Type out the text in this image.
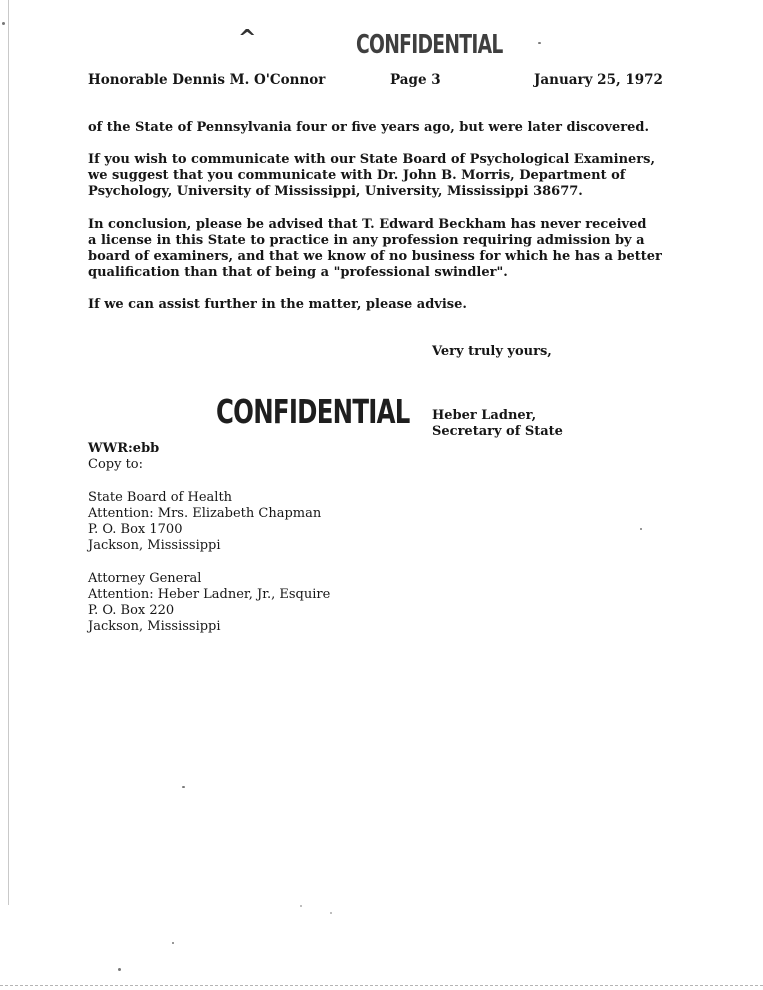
^	CONFIDENTIAL
Honorable Dennis M. O'Connor	Page 3	January 25, 1972
of the State of Pennsylvania four or five years ago, but were later discovered.
If you wish to communicate with our State Board of Psychological Examiners,
we suggest that you communicate with Dr. John B. Morris, Department of
Psychology, University of Mississippi, University, Mississippi 38677.
In conclusion, please be advised that T. Edward Beckham has never received
a license in this State to practice in any profession requiring admission by a
board of examiners, and that we know of no business for which he has a better
qualification than that of being a "professional swindler".
If we can assist further in the matter, please advise.
Very truly yours,
CONFIDENTIAL Heber Ladner,
Secretary of State
WWR:ebb
Copy to:
State Board of Health
Attention: Mrs. Elizabeth Chapman
P. O. Box 1700
Jackson, Mississippi
Attorney General
Attention: Heber Ladner, Jr., Esquire
P. O. Box 220
Jackson, Mississippi
